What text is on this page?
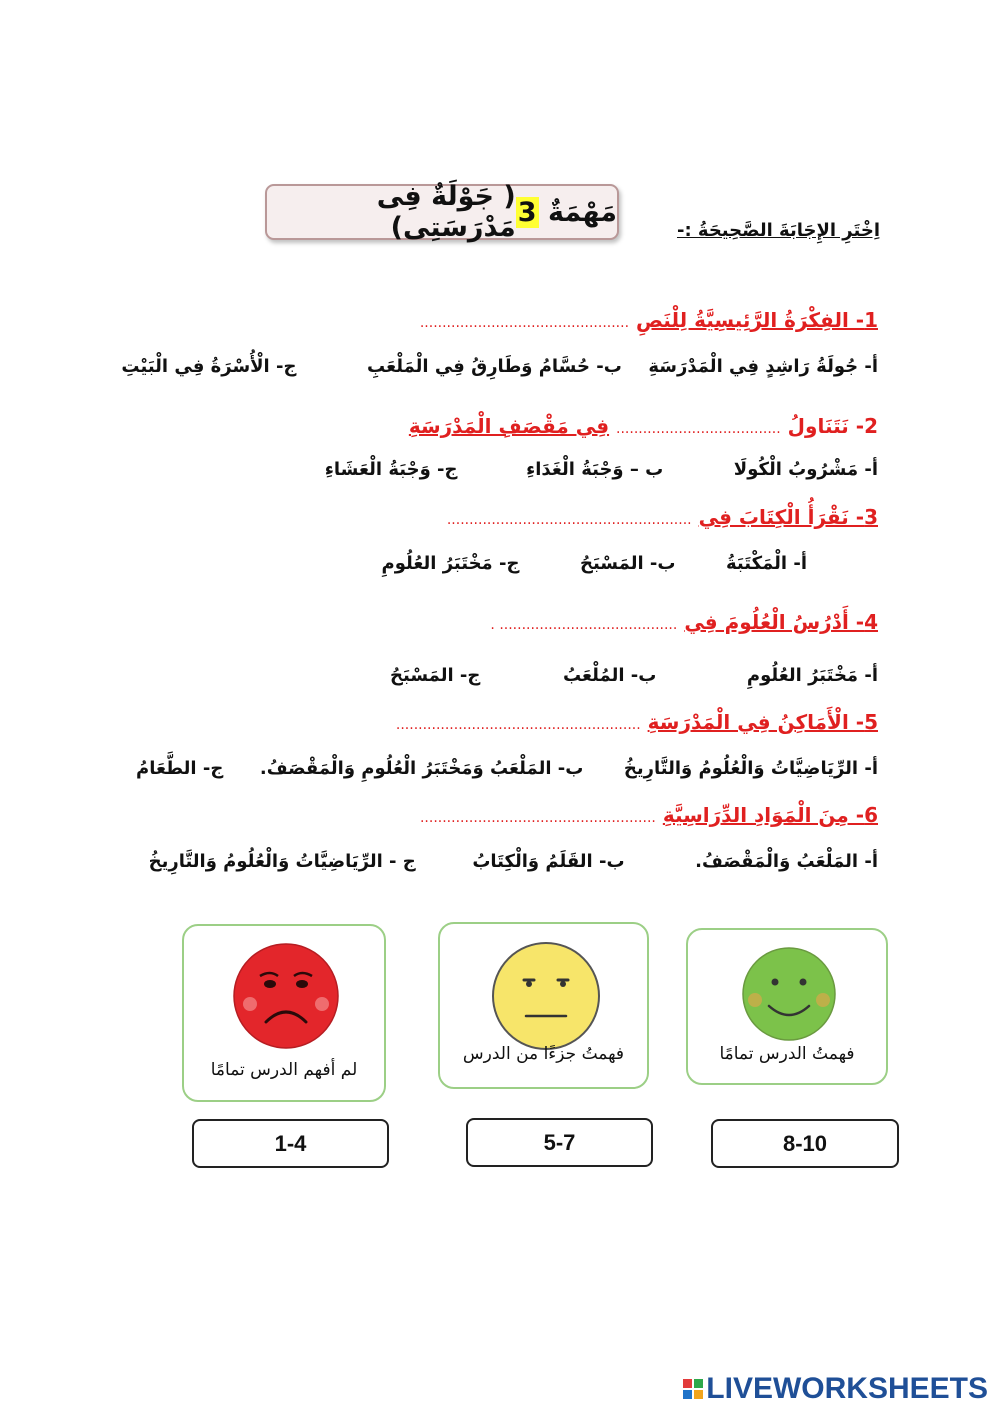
مَهْمَةٌ

3
( جَوْلَةٌ فِى مَدْرَسَتِى)	اِخْتَرِ الإِجَابَةَ الصَّحِيحَةُ :-
1- الفِكْرَةُ الرَّئِيسِيَّةُ لِلْنَصِ ...............................................
أ- جُولَةُ رَاشِدٍ فِي الْمَدْرَسَةِ  ب- حُسَّامُ وَطَارِقُ فِي الْمَلْعَبِ  ج- الْأُسْرَةُ فِي الْبَيْتِ
2- نَتَنَاولُ ..................................... فِي مَقْصَفِ الْمَدْرَسَةِ
أ- مَشْرُوبُ الْكُولَا  ب – وَجْبَةُ الْغَدَاءِ  ج- وَجْبَةُ الْعَشَاءِ
3- نَقْرَأُ الْكِتَابَ فِي .......................................................
أ- الْمَكْتَبَةُ  ب- المَسْبَحُ  ج- مَخْتَبَرُ العُلُومِ
4- أَدْرُسُ الْعُلُومَ فِي ........................................ .
أ- مَخْتَبَرُ العُلُومِ  ب- المُلْعَبُ  ج- المَسْبَحُ
5- الْأَمَاكِنُ فِي الْمَدْرَسَةِ .......................................................
أ- الرِّيَاضِيَّاتُ وَالْعُلُومُ وَالتَّارِيخُ  ب- المَلْعَبُ وَمَخْتَبَرُ الْعُلُومِ وَالْمَقْصَفُ.  ج- الطَّعَامُ
6- مِنَ الْمَوَادِ الدِّرَاسِيَّةِ .....................................................
أ- المَلْعَبُ وَالْمَقْصَفُ.  ب- القَلَمُ وَالْكِتَابُ  ج - الرِّيَاضِيَّاتُ وَالْعُلُومُ وَالتَّارِيخُ
فهمتُ الدرس تمامًا
فهمتُ جزءًا من الدرس
لم أفهم الدرس تمامًا
8-10
5-7
1-4
LIVEWORKSHEETS
